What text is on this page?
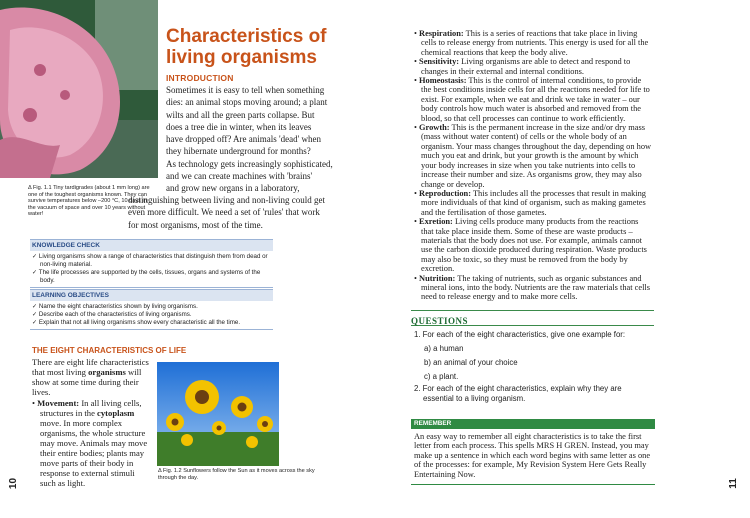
Δ Fig. 1.1 Tiny tardigrades (about 1 mm long) are one of the toughest organisms known. They can survive temperatures below –200 °C, 10 days in the vacuum of space and over 10 years without water!
Characteristics of
living organisms
INTRODUCTION
Sometimes it is easy to tell when something
dies: an animal stops moving around; a plant
wilts and all the green parts collapse. But
does a tree die in winter, when its leaves
have dropped off? Are animals 'dead' when
they hibernate underground for months?
As technology gets increasingly sophisticated,
and we can create machines with 'brains'
and grow new organs in a laboratory,
distinguishing between living and non-living could get
even more difficult. We need a set of 'rules' that work
for most organisms, most of the time.
KNOWLEDGE CHECK
✓ Living organisms show a range of characteristics that distinguish them from dead or non-living material.
✓ The life processes are supported by the cells, tissues, organs and systems of the body.
LEARNING OBJECTIVES
✓ Name the eight characteristics shown by living organisms.
✓ Describe each of the characteristics of living organisms.
✓ Explain that not all living organisms show every characteristic all the time.
THE EIGHT CHARACTERISTICS OF LIFE
There are eight life characteristics
that most living organisms will
show at some time during their
lives.
• Movement: In all living cells,
structures in the cytoplasm
move. In more complex
organisms, the whole structure
may move. Animals may move
their entire bodies; plants may
move parts of their body in
response to external stimuli
such as light.
Δ Fig. 1.2 Sunflowers follow the Sun as it moves across the sky through the day.
10
• Respiration: This is a series of reactions that take place in living
cells to release energy from nutrients. This energy is used for all the
chemical reactions that keep the body alive.
• Sensitivity: Living organisms are able to detect and respond to
changes in their external and internal conditions.
• Homeostasis: This is the control of internal conditions, to provide
the best conditions inside cells for all the reactions needed for life to
exist. For example, when we eat and drink we take in water – our
body controls how much water is absorbed and removed from the
blood, so that cell processes can continue to work efficiently.
• Growth: This is the permanent increase in the size and/or dry mass
(mass without water content) of cells or the whole body of an
organism. Your mass changes throughout the day, depending on how
much you eat and drink, but your growth is the amount by which
your body increases in size when you take nutrients into cells to
increase their number and size. As organisms grow, they may also
change or develop.
• Reproduction: This includes all the processes that result in making
more individuals of that kind of organism, such as making gametes
and the fertilisation of those gametes.
• Exretion: Living cells produce many products from the reactions
that take place inside them. Some of these are waste products –
materials that the body does not use. For example, animals cannot
use the carbon dioxide produced during respiration. Waste products
may also be toxic, so they must be removed from the body by
excretion.
• Nutrition: The taking of nutrients, such as organic substances and
mineral ions, into the body. Nutrients are the raw materials that cells
need to release energy and to make more cells.
QUESTIONS
1. For each of the eight characteristics, give one example for:
a) a human
b) an animal of your choice
c) a plant.
2. For each of the eight characteristics, explain why they are
essential to a living organism.
REMEMBER
An easy way to remember all eight characteristics is to take the first
letter from each process. This spells MRS H GREN. Instead, you may
make up a sentence in which each word begins with same letter as one
of the processes: for example, My Revision System Here Gets Really
Entertaining Now.
11
